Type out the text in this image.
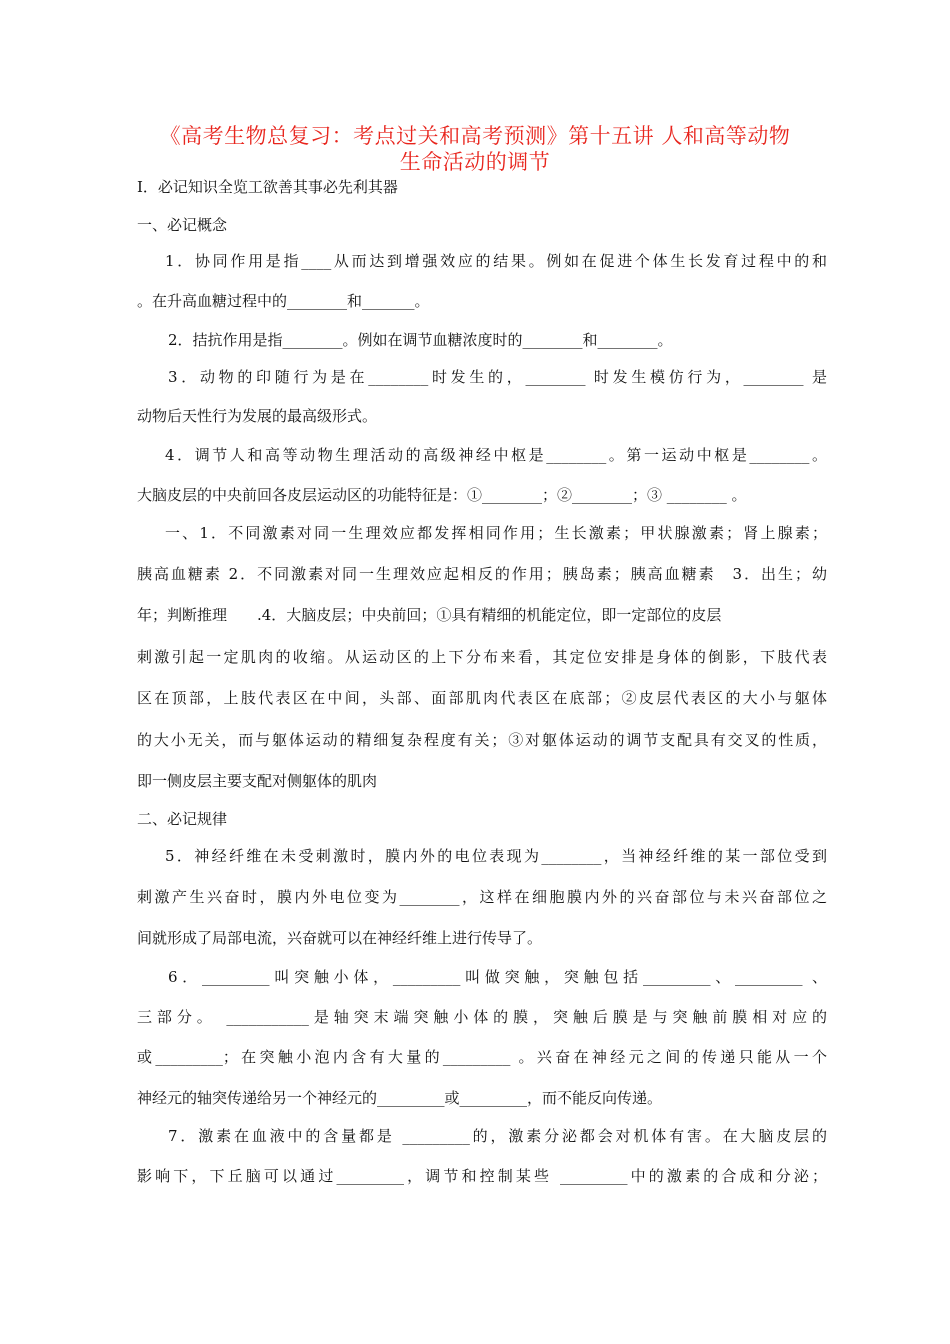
《高考生物总复习：考点过关和高考预测》第十五讲 人和高等动物
生命活动的调节
I．必记知识全览工欲善其事必先利其器
一、必记概念
1．协同作用是指____从而达到增强效应的结果。例如在促进个体生长发育过程中的和
。在升高血糖过程中的________和_______。
2．拮抗作用是指________。例如在调节血糖浓度时的________和________。
3．动物的印随行为是在________时发生的，________ 时发生模仿行为，________ 是
动物后天性行为发展的最高级形式。
4．调节人和高等动物生理活动的高级神经中枢是________。第一运动中枢是________。
大脑皮层的中央前回各皮层运动区的功能特征是：①________；②________；③ ________ 。
一、1．不同激素对同一生理效应都发挥相同作用；生长激素；甲状腺激素；肾上腺素；
胰高血糖素 2．不同激素对同一生理效应起相反的作用；胰岛素；胰高血糖素　3．出生；幼
年；判断推理　　.4．大脑皮层；中央前回；①具有精细的机能定位，即一定部位的皮层
刺激引起一定肌肉的收缩。从运动区的上下分布来看，其定位安排是身体的倒影，下肢代表
区在顶部，上肢代表区在中间，头部、面部肌肉代表区在底部；②皮层代表区的大小与躯体
的大小无关，而与躯体运动的精细复杂程度有关；③对躯体运动的调节支配具有交叉的性质，
即一侧皮层主要支配对侧躯体的肌肉
二、必记规律
5．神经纤维在未受刺激时，膜内外的电位表现为________，当神经纤维的某一部位受到
刺激产生兴奋时，膜内外电位变为________，这样在细胞膜内外的兴奋部位与未兴奋部位之
间就形成了局部电流，兴奋就可以在神经纤维上进行传导了。
6．_________叫突触小体，_________叫做突触，突触包括_________、_________ 、
三部分。 ___________是轴突末端突触小体的膜，突触后膜是与突触前膜相对应的
或_________；在突触小泡内含有大量的_________ 。兴奋在神经元之间的传递只能从一个
神经元的轴突传递给另一个神经元的_________或_________，而不能反向传递。
7．激素在血液中的含量都是 _________的，激素分泌都会对机体有害。在大脑皮层的
影响下，下丘脑可以通过_________，调节和控制某些 _________中的激素的合成和分泌；
